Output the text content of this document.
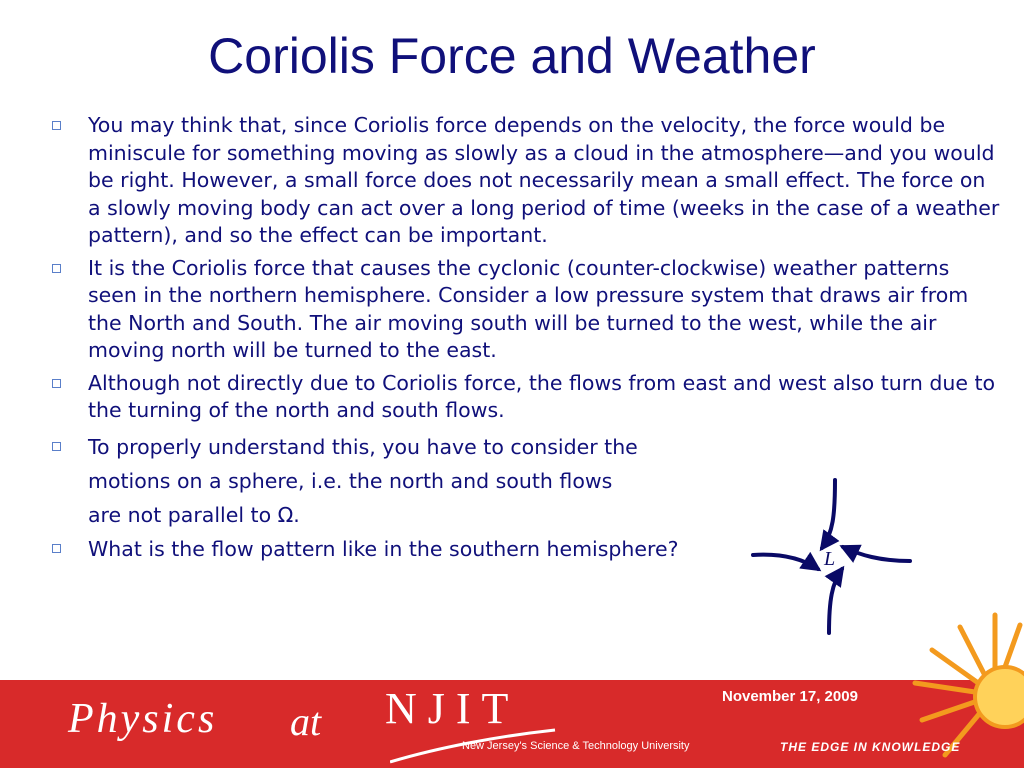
Coriolis Force and Weather
You may think that, since Coriolis force depends on the velocity, the force would be miniscule for something moving as slowly as a cloud in the atmosphere—and you would be right. However, a small force does not necessarily mean a small effect. The force on a slowly moving body can act over a long period of time (weeks in the case of a weather pattern), and so the effect can be important.
It is the Coriolis force that causes the cyclonic (counter-clockwise) weather patterns seen in the northern hemisphere. Consider a low pressure system that draws air from the North and South. The air moving south will be turned to the west, while the air moving north will be turned to the east.
Although not directly due to Coriolis force, the flows from east and west also turn due to the turning of the north and south flows.
To properly understand this, you have to consider the
motions on a sphere, i.e. the north and south flows
are not parallel to Ω.
What is the flow pattern like in the southern hemisphere?	L
Physics at NJIT
New Jersey's Science & Technology University
November 17, 2009
THE EDGE IN KNOWLEDGE
